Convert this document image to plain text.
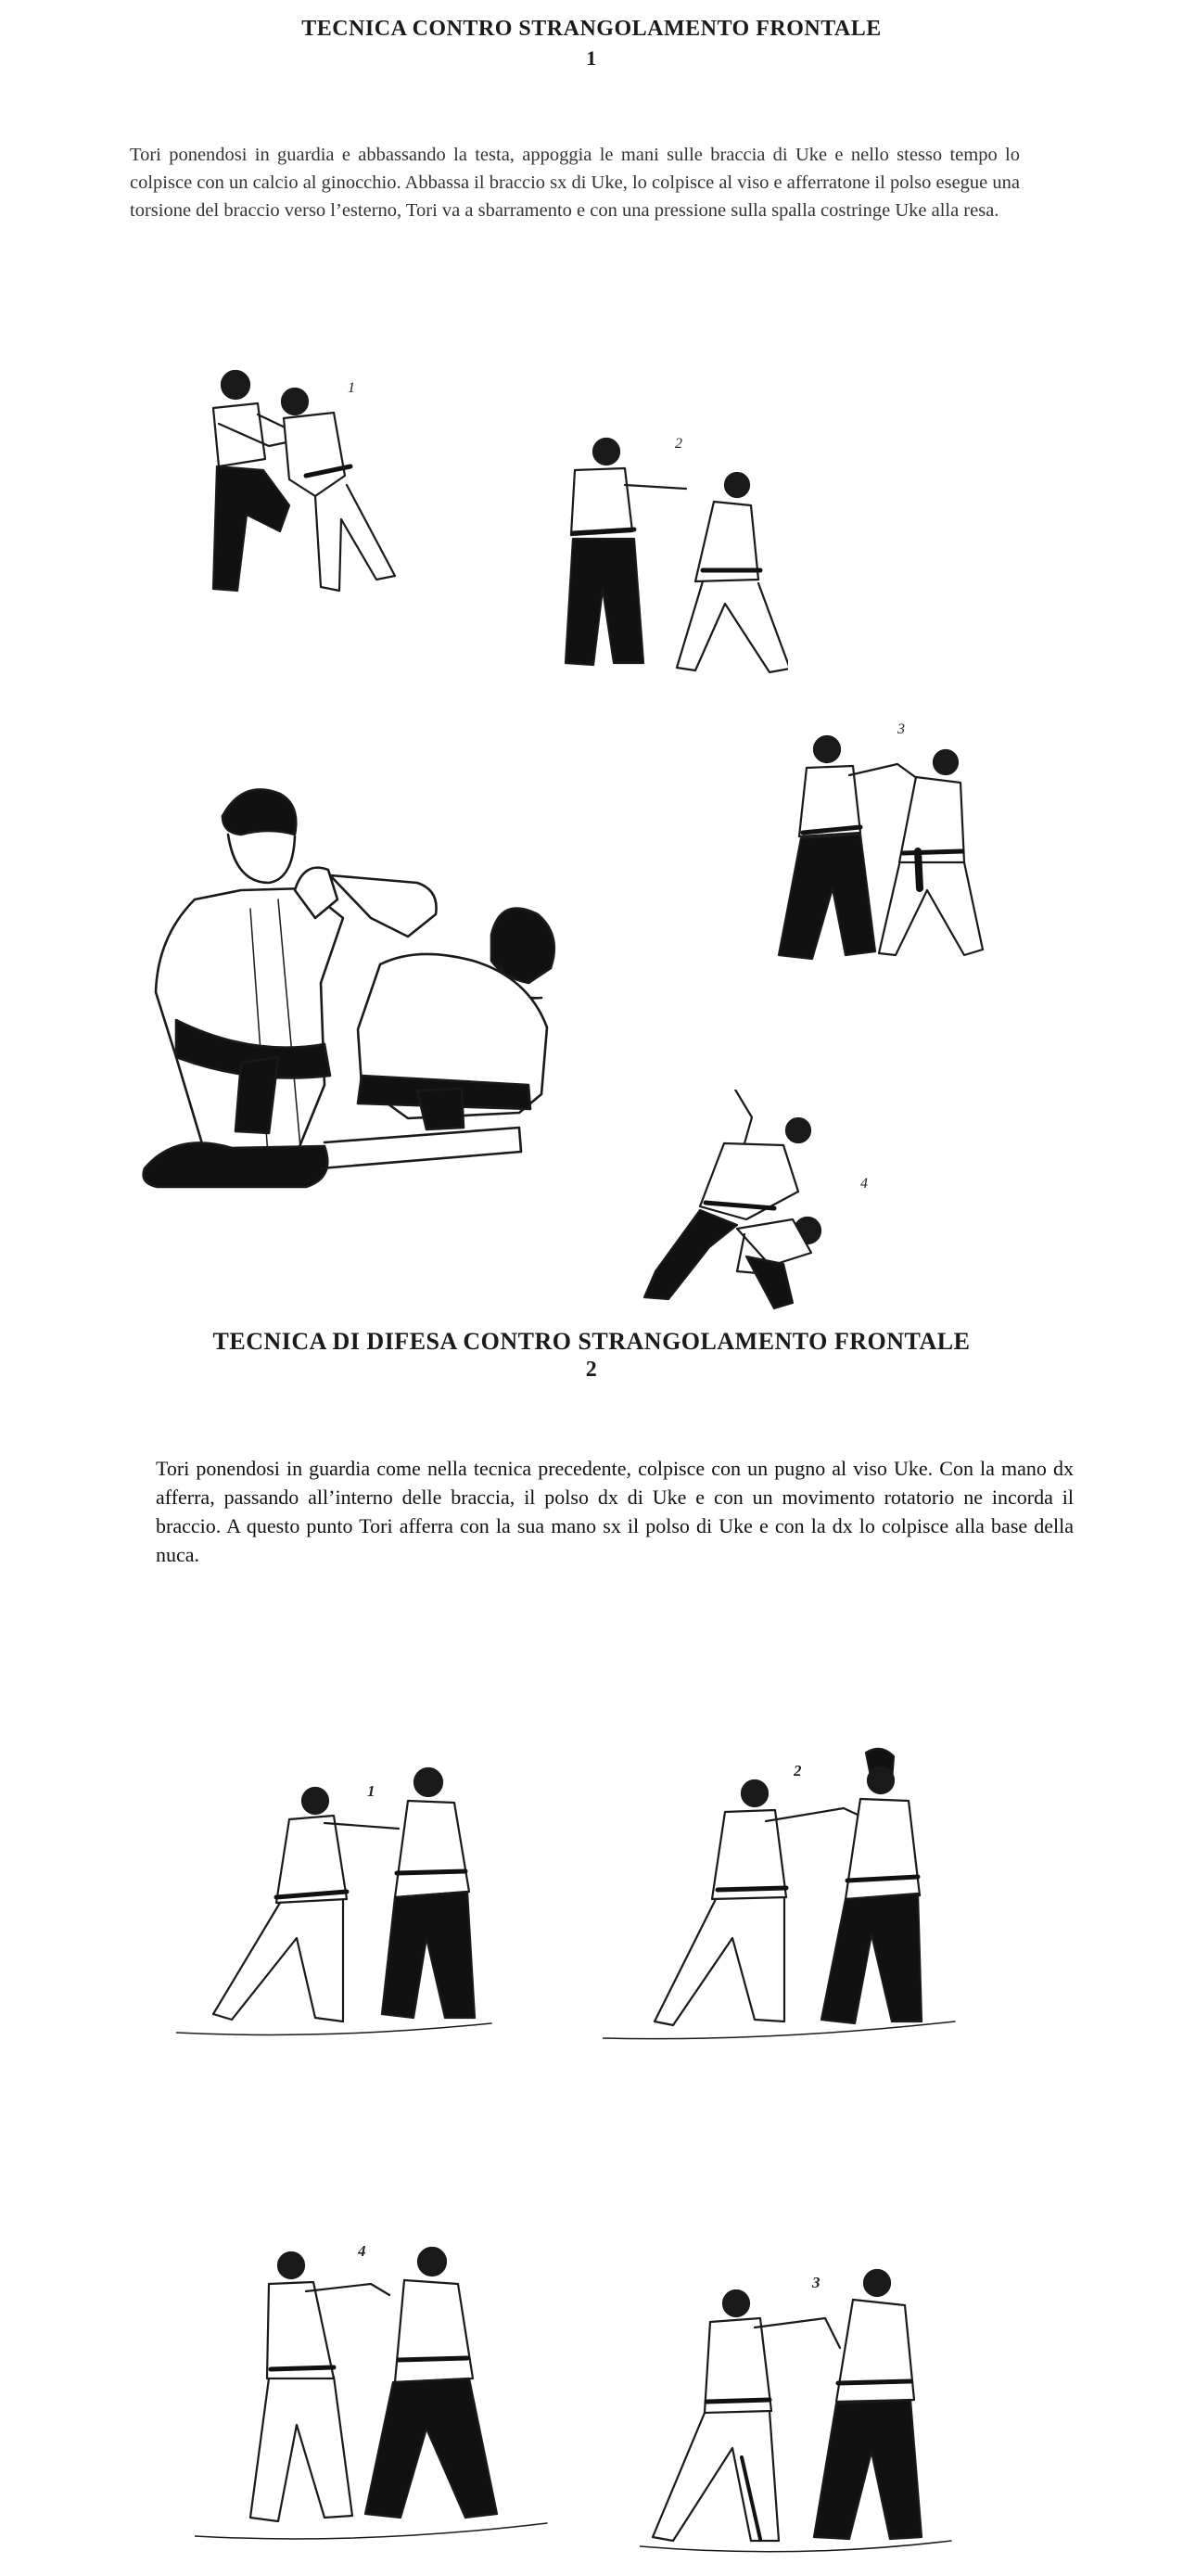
TECNICA CONTRO STRANGOLAMENTO FRONTALE
1
Tori ponendosi in guardia e abbassando la testa, appoggia le mani sulle braccia di Uke e nello stesso tempo lo colpisce con un calcio al ginocchio. Abbassa il braccio sx di Uke, lo colpisce al viso e afferratone il polso esegue una torsione del braccio verso l’esterno, Tori va a sbarramento e con una pressione sulla spalla costringe Uke alla resa.
1
2
3
4
TECNICA DI DIFESA CONTRO STRANGOLAMENTO FRONTALE
2
Tori ponendosi in guardia come nella tecnica precedente, colpisce con un pugno al viso Uke. Con la mano dx afferra, passando all’interno delle braccia, il polso dx di Uke e con un movimento rotatorio ne incorda il braccio. A questo punto Tori afferra con la sua mano sx il polso di Uke e con la dx lo colpisce alla base della nuca.
1
2
4
3
